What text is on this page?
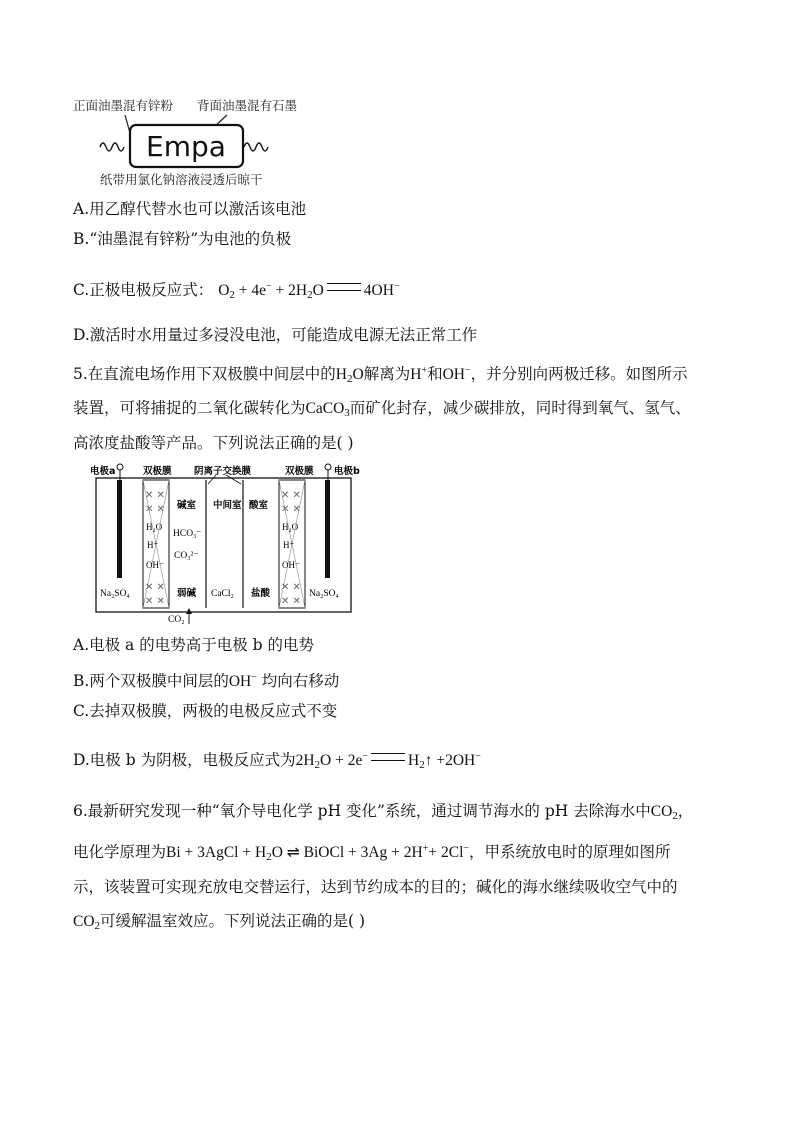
正面油墨混有锌粉 背面油墨混有石墨
Empa
纸带用氯化钠溶液浸透后晾干
A.用乙醇代替水也可以激活该电池
B.“油墨混有锌粉”为电池的负极
C.正极电极反应式： $O_2 + 4e^- + 2H_2O$	4OH−
D.激活时水用量过多浸没电池，可能造成电源无法正常工作
5.在直流电场作用下双极膜中间层中的$H_2O$解离为H+和OH−，并分别向两极迁移。如图所示
装置，可将捕捉的二氧化碳转化为CaCO$_3$而矿化封存，减少碳排放，同时得到氧气、氢气、
高浓度盐酸等产品。下列说法正确的是( )
电极a	电极b
双极膜 阴离子交换膜	双极膜
✕ ✕
✕ ✕
✕ ✕
✕ ✕
H₂O
H⁺
OH⁻
✕ ✕
✕ ✕
✕ ✕
✕ ✕
H₂O
H⁺
OH⁻
碱室
HCO₃⁻
CO₃²⁻
弱碱
中间室
CaCl₂
酸室
盐酸
Na₂SO₄	Na₂SO₄
CO₂
A.电极 a 的电势高于电极 b 的电势
B.两个双极膜中间层的OH− 均向右移动
C.去掉双极膜，两极的电极反应式不变
D.电极 b 为阴极，电极反应式为$2H_2O + 2e^-$	$H_2↑ +2OH^-$
6.最新研究发现一种“氧介导电化学 pH 变化”系统，通过调节海水的 pH 去除海水中$CO_2$，
电化学原理为Bi + 3AgCl + $H_2O$ ⇌ BiOCl + 3Ag + 2H++ 2Cl−，甲系统放电时的原理如图所
示，该装置可实现充放电交替运行，达到节约成本的目的；碱化的海水继续吸收空气中的
$CO_2$可缓解温室效应。下列说法正确的是( )
